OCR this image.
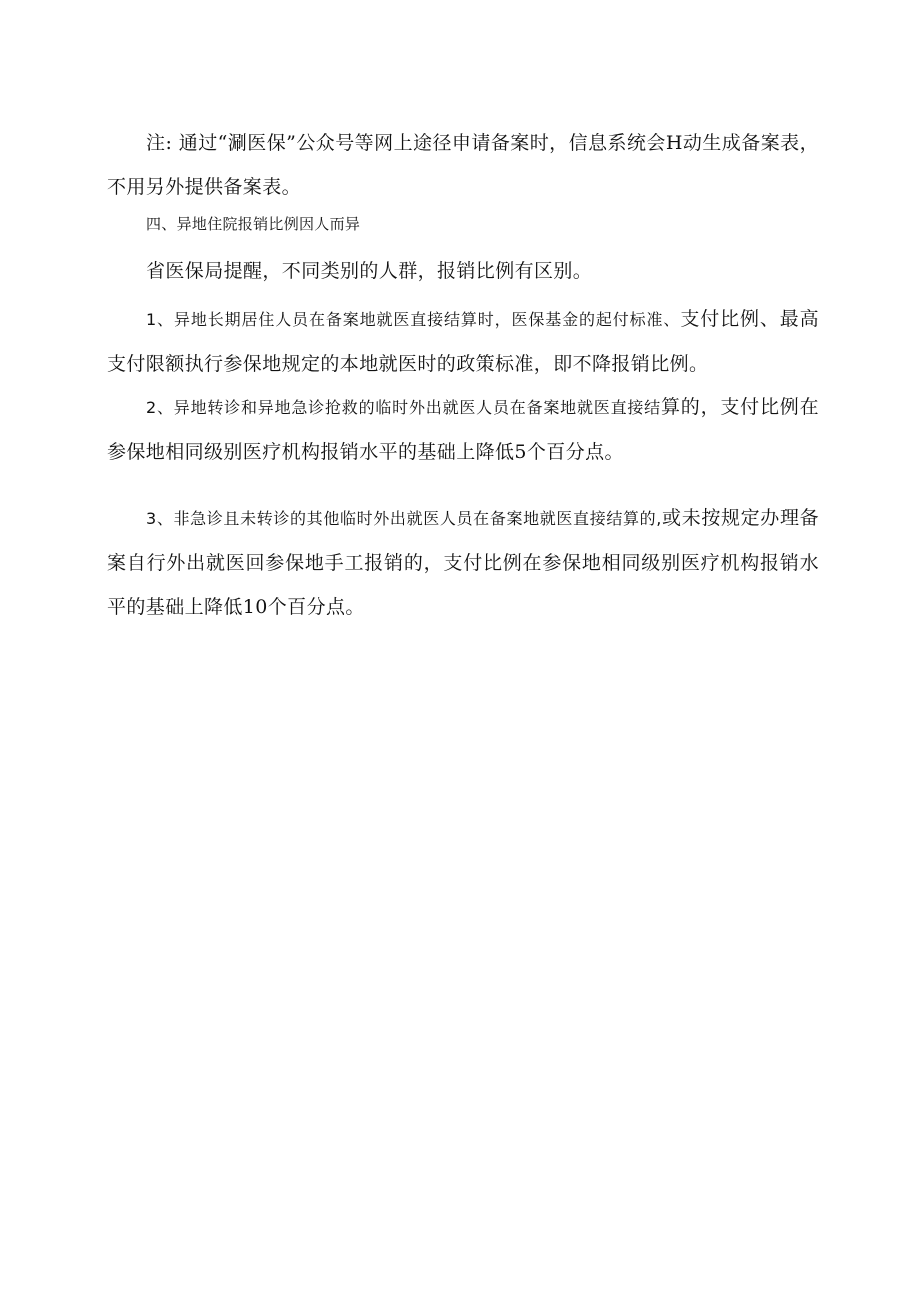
注: 通过“涮医保”公众号等网上途径申请备案时，信息系统会H动生成备案表，不用另外提供备案表。

四、异地住院报销比例因人而异

省医保局提醒，不同类别的人群，报销比例有区别。

1、异地长期居住人员在备案地就医直接结算时，医保基金的起付标准、支付比例、最高支付限额执行参保地规定的本地就医时的政策标准，即不降报销比例。

2、异地转诊和异地急诊抢救的临时外出就医人员在备案地就医直接结算的，支付比例在参保地相同级别医疗机构报销水平的基础上降低5个百分点。

3、非急诊且未转诊的其他临时外出就医人员在备案地就医直接结算的,或未按规定办理备案自行外出就医回参保地手工报销的，支付比例在参保地相同级别医疗机构报销水平的基础上降低10个百分点。
